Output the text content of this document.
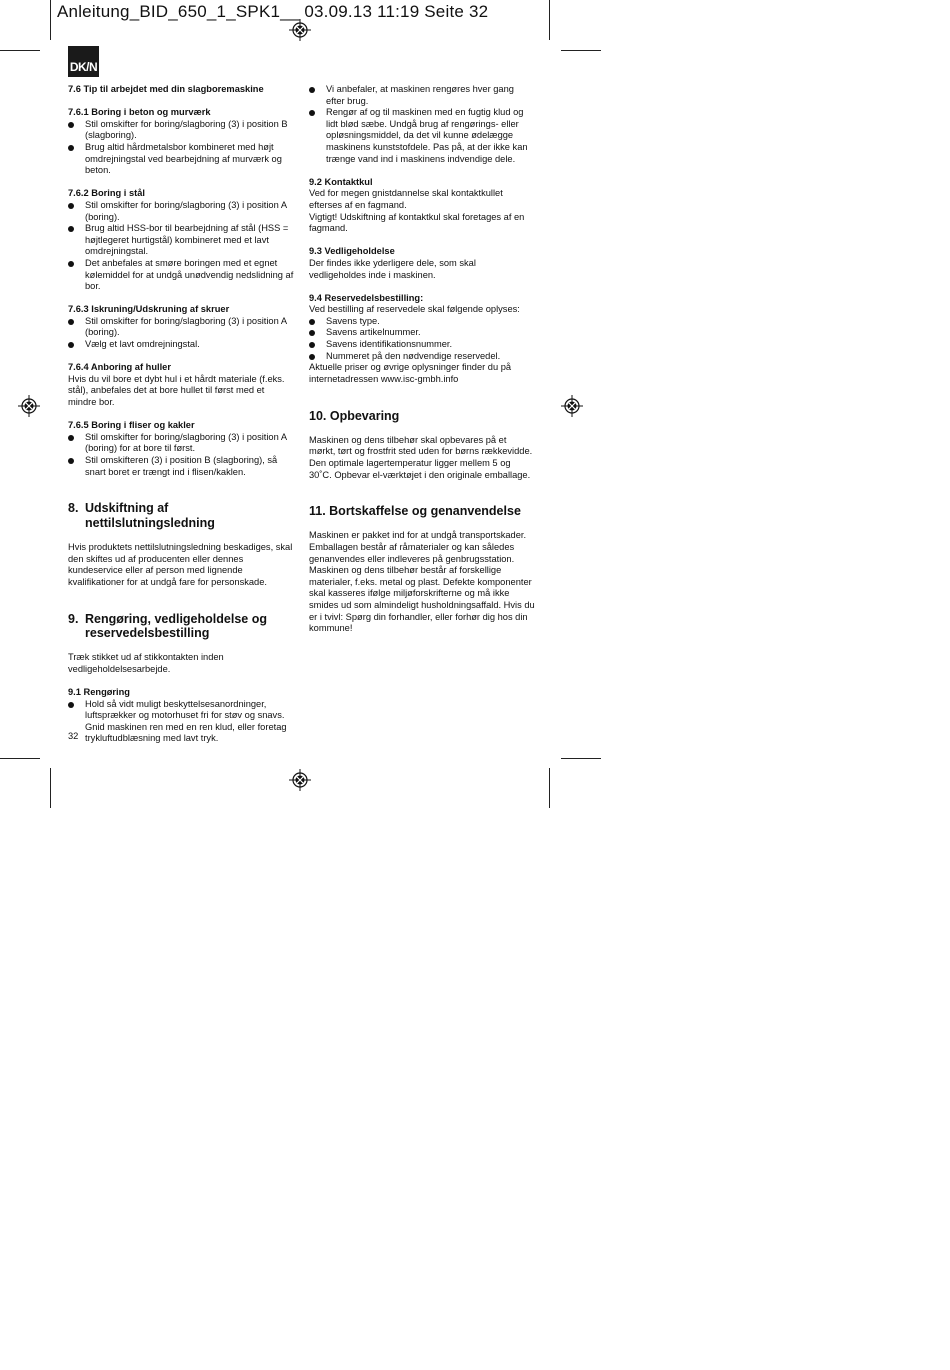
Anleitung_BID_650_1_SPK1__ 03.09.13 11:19 Seite 32
DK/N

7.6 Tip til arbejdet med din slagboremaskine

7.6.1 Boring i beton og murværk

Stil omskifter for boring/slagboring (3) i position B (slagboring).
Brug altid hårdmetalsbor kombineret med højt omdrejningstal ved bearbejdning af murværk og beton.

7.6.2 Boring i stål

Stil omskifter for boring/slagboring (3) i position A (boring).
Brug altid HSS-bor til bearbejdning af stål (HSS = højtlegeret hurtigstål) kombineret med et lavt omdrejningstal.
Det anbefales at smøre boringen med et egnet kølemiddel for at undgå unødvendig nedslidning af bor.

7.6.3 Iskruning/Udskruning af skruer

Stil omskifter for boring/slagboring (3) i position A (boring).
Vælg et lavt omdrejningstal.

7.6.4 Anboring af huller

Hvis du vil bore et dybt hul i et hårdt materiale (f.eks. stål), anbefales det at bore hullet til først med et mindre bor.

7.6.5 Boring i fliser og kakler

Stil omskifter for boring/slagboring (3) i position A (boring) for at bore til først.
Stil omskifteren (3) i position B (slagboring), så snart boret er trængt ind i flisen/kaklen.
8. Udskiftning af nettilslutningsledning

Hvis produktets nettilslutningsledning beskadiges, skal den skiftes ud af producenten eller dennes kundeservice eller af person med lignende kvalifikationer for at undgå fare for personskade.

9. Rengøring, vedligeholdelse og reservedelsbestilling

Træk stikket ud af stikkontakten inden vedligeholdelsesarbejde.

9.1 Rengøring

Hold så vidt muligt beskyttelsesanordninger, luftsprækker og motorhuset fri for støv og snavs. Gnid maskinen ren med en ren klud, eller foretag trykluftudblæsning med lavt tryk.
32
Vi anbefaler, at maskinen rengøres hver gang efter brug.
Rengør af og til maskinen med en fugtig klud og lidt blød sæbe. Undgå brug af rengørings- eller opløsningsmiddel, da det vil kunne ødelægge maskinens kunststofdele. Pas på, at der ikke kan trænge vand ind i maskinens indvendige dele.

9.2 Kontaktkul

Ved for megen gnistdannelse skal kontaktkullet efterses af en fagmand.

Vigtigt! Udskiftning af kontaktkul skal foretages af en fagmand.

9.3 Vedligeholdelse

Der findes ikke yderligere dele, som skal vedligeholdes inde i maskinen.

9.4 Reservedelsbestilling:

Ved bestilling af reservedele skal følgende oplyses:

Savens type.
Savens artikelnummer.
Savens identifikationsnummer.
Nummeret på den nødvendige reservedel.

Aktuelle priser og øvrige oplysninger finder du på internetadressen www.isc-gmbh.info

10. Opbevaring

Maskinen og dens tilbehør skal opbevares på et mørkt, tørt og frostfrit sted uden for børns rækkevidde. Den optimale lagertemperatur ligger mellem 5 og 30˚C. Opbevar el-værktøjet i den originale emballage.

11. Bortskaffelse og genanvendelse

Maskinen er pakket ind for at undgå transportskader. Emballagen består af råmaterialer og kan således genanvendes eller indleveres på genbrugsstation. Maskinen og dens tilbehør består af forskellige materialer, f.eks. metal og plast. Defekte komponenter skal kasseres ifølge miljøforskrifterne og må ikke smides ud som almindeligt husholdningsaffald. Hvis du er i tvivl: Spørg din forhandler, eller forhør dig hos din kommune!
